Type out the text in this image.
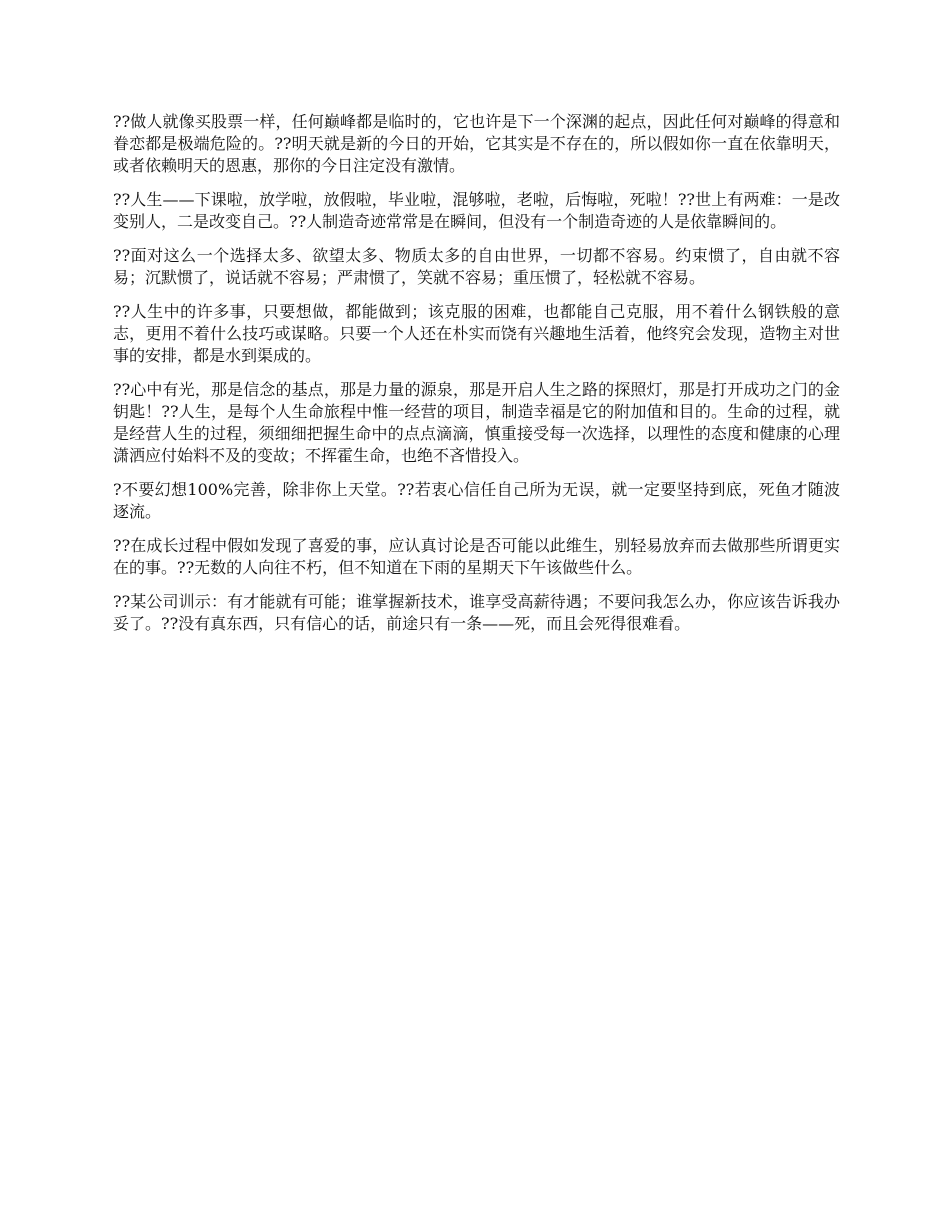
??做人就像买股票一样，任何巅峰都是临时的，它也许是下一个深渊的起点，因此任何对巅峰的得意和眷恋都是极端危险的。??明天就是新的今日的开始，它其实是不存在的，所以假如你一直在依靠明天，或者依赖明天的恩惠，那你的今日注定没有激情。

??人生——下课啦，放学啦，放假啦，毕业啦，混够啦，老啦，后悔啦，死啦！??世上有两难：一是改变别人，二是改变自己。??人制造奇迹常常是在瞬间，但没有一个制造奇迹的人是依靠瞬间的。

??面对这么一个选择太多、欲望太多、物质太多的自由世界，一切都不容易。约束惯了，自由就不容易；沉默惯了，说话就不容易；严肃惯了，笑就不容易；重压惯了，轻松就不容易。

??人生中的许多事，只要想做，都能做到；该克服的困难，也都能自己克服，用不着什么钢铁般的意志，更用不着什么技巧或谋略。只要一个人还在朴实而饶有兴趣地生活着，他终究会发现，造物主对世事的安排，都是水到渠成的。

??心中有光，那是信念的基点，那是力量的源泉，那是开启人生之路的探照灯，那是打开成功之门的金钥匙！??人生，是每个人生命旅程中惟一经营的项目，制造幸福是它的附加值和目的。生命的过程，就是经营人生的过程，须细细把握生命中的点点滴滴，慎重接受每一次选择，以理性的态度和健康的心理潇洒应付始料不及的变故；不挥霍生命，也绝不吝惜投入。

?不要幻想100%完善，除非你上天堂。??若衷心信任自己所为无误，就一定要坚持到底，死鱼才随波逐流。

??在成长过程中假如发现了喜爱的事，应认真讨论是否可能以此维生，别轻易放弃而去做那些所谓更实在的事。??无数的人向往不朽，但不知道在下雨的星期天下午该做些什么。

??某公司训示：有才能就有可能；谁掌握新技术，谁享受高薪待遇；不要问我怎么办，你应该告诉我办妥了。??没有真东西，只有信心的话，前途只有一条——死，而且会死得很难看。
